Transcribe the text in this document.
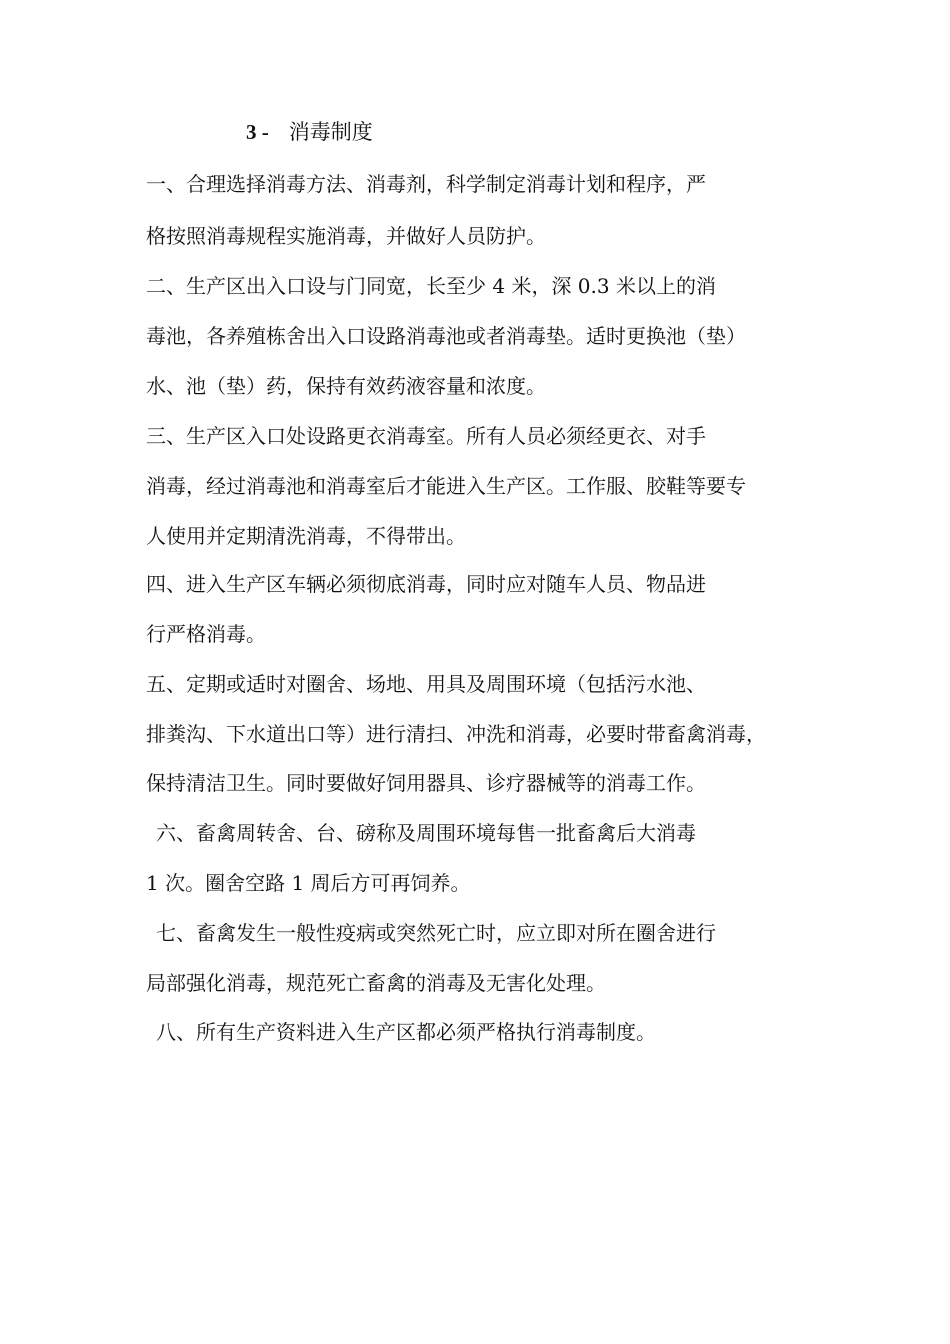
3 - 消毒制度
一、合理选择消毒方法、消毒剂，科学制定消毒计划和程序，严
格按照消毒规程实施消毒，并做好人员防护。
二、生产区出入口设与门同宽，长至少 4 米，深 0.3 米以上的消
毒池，各养殖栋舍出入口设路消毒池或者消毒垫。适时更换池（垫）
水、池（垫）药，保持有效药液容量和浓度。
三、生产区入口处设路更衣消毒室。所有人员必须经更衣、对手
消毒，经过消毒池和消毒室后才能进入生产区。工作服、胶鞋等要专
人使用并定期清洗消毒，不得带出。
四、进入生产区车辆必须彻底消毒，同时应对随车人员、物品进
行严格消毒。
五、定期或适时对圈舍、场地、用具及周围环境（包括污水池、
排粪沟、下水道出口等）进行清扫、冲洗和消毒，必要时带畜禽消毒，
保持清洁卫生。同时要做好饲用器具、诊疗器械等的消毒工作。
六、畜禽周转舍、台、磅称及周围环境每售一批畜禽后大消毒
1 次。圈舍空路 1 周后方可再饲养。
七、畜禽发生一般性疫病或突然死亡时，应立即对所在圈舍进行
局部强化消毒，规范死亡畜禽的消毒及无害化处理。
八、所有生产资料进入生产区都必须严格执行消毒制度。
